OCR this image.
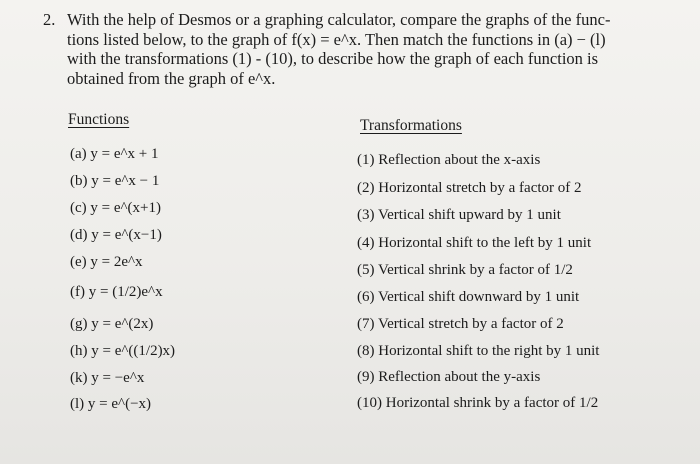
2. With the help of Desmos or a graphing calculator, compare the graphs of the func-
tions listed below, to the graph of f(x) = e^x. Then match the functions in (a) − (l)
with the transformations (1) - (10), to describe how the graph of each function is
obtained from the graph of e^x.
Functions	Transformations
(a) y = e^x + 1
(b) y = e^x − 1
(c) y = e^(x+1)
(d) y = e^(x−1)
(e) y = 2e^x
(f) y = (1/2)e^x
(g) y = e^(2x)
(h) y = e^((1/2)x)
(k) y = −e^x
(l) y = e^(−x)
(1) Reflection about the x-axis
(2) Horizontal stretch by a factor of 2
(3) Vertical shift upward by 1 unit
(4) Horizontal shift to the left by 1 unit
(5) Vertical shrink by a factor of 1/2
(6) Vertical shift downward by 1 unit
(7) Vertical stretch by a factor of 2
(8) Horizontal shift to the right by 1 unit
(9) Reflection about the y-axis
(10) Horizontal shrink by a factor of 1/2
